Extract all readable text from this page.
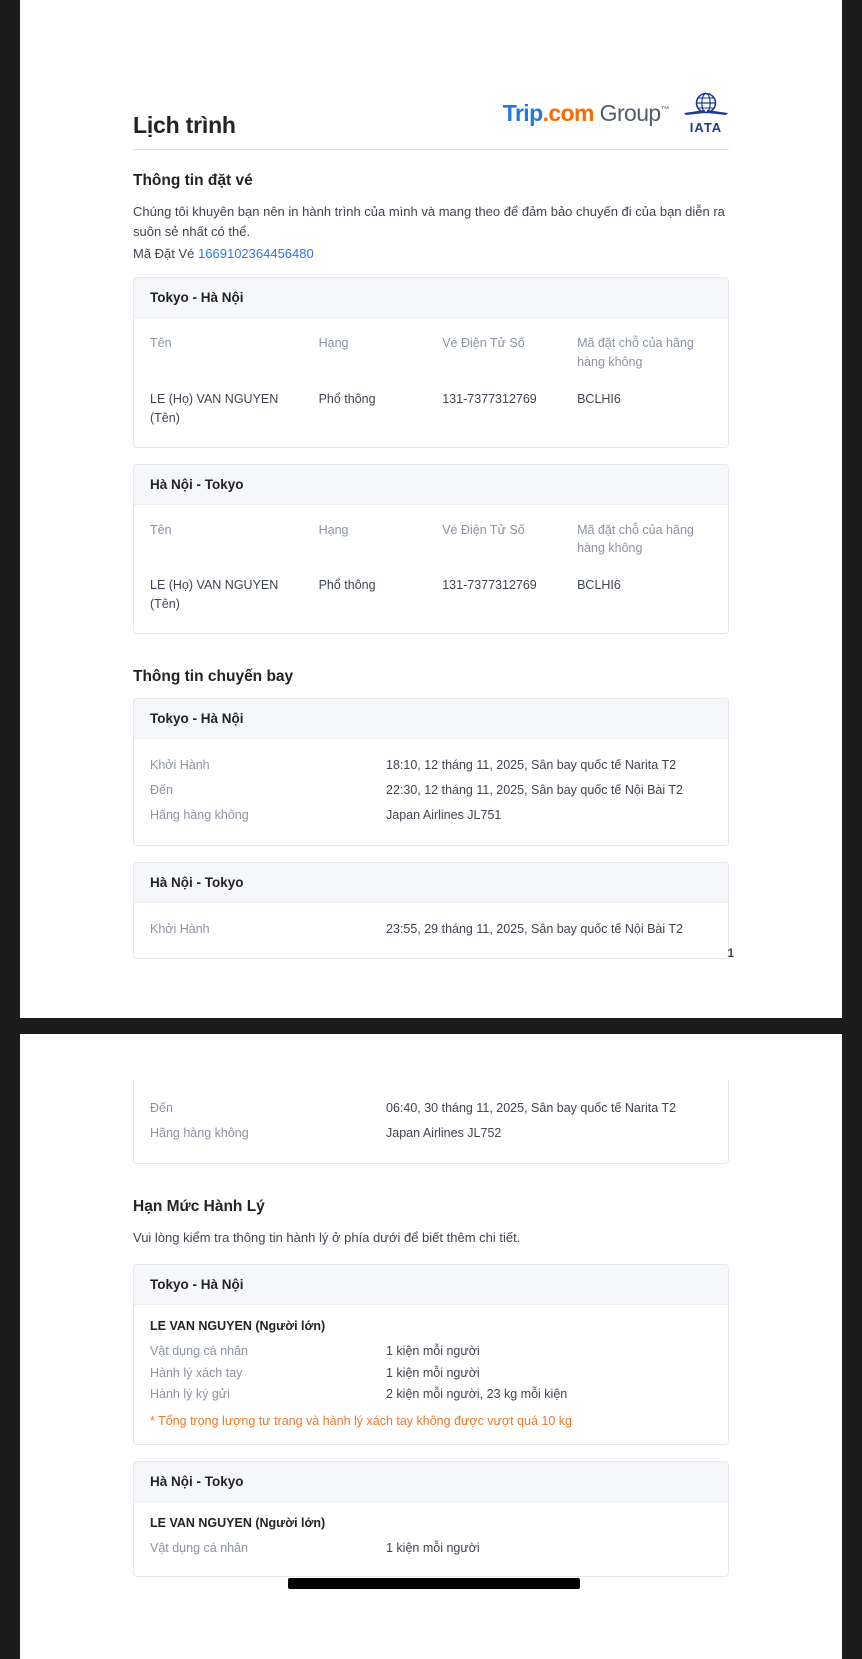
Lịch trình	Trip.com Group™
IATA
Thông tin đặt vé

Chúng tôi khuyên bạn nên in hành trình của mình và mang theo để đảm bảo chuyến đi của bạn diễn ra suôn sẻ nhất có thể.

Mã Đặt Vé 1669102364456480
Tokyo - Hà Nội
Tên	Hạng	Vé Điện Tử Số	Mã đặt chỗ của hãng hàng không
LE (Họ) VAN NGUYEN (Tên)	Phổ thông	131-7377312769	BCLHI6
Hà Nội - Tokyo
Tên	Hạng	Vé Điện Tử Số	Mã đặt chỗ của hãng hàng không
LE (Họ) VAN NGUYEN (Tên)	Phổ thông	131-7377312769	BCLHI6
Thông tin chuyến bay
Tokyo - Hà Nội
Khởi Hành	18:10, 12 tháng 11, 2025, Sân bay quốc tế Narita T2
Đến	22:30, 12 tháng 11, 2025, Sân bay quốc tế Nội Bài T2
Hãng hàng không	Japan Airlines JL751
Hà Nội - Tokyo
Khởi Hành	23:55, 29 tháng 11, 2025, Sân bay quốc tế Nội Bài T2
1
Đến	06:40, 30 tháng 11, 2025, Sân bay quốc tế Narita T2
Hãng hàng không	Japan Airlines JL752
Hạn Mức Hành Lý

Vui lòng kiểm tra thông tin hành lý ở phía dưới để biết thêm chi tiết.

Tokyo - Hà Nội
LE VAN NGUYEN (Người lớn)
Vật dụng cá nhân	1 kiện mỗi người
Hành lý xách tay	1 kiện mỗi người
Hành lý ký gửi	2 kiện mỗi người, 23 kg mỗi kiện
* Tổng trọng lượng tư trang và hành lý xách tay không được vượt quá 10 kg
Hà Nội - Tokyo
LE VAN NGUYEN (Người lớn)
Vật dụng cá nhân	1 kiện mỗi người
